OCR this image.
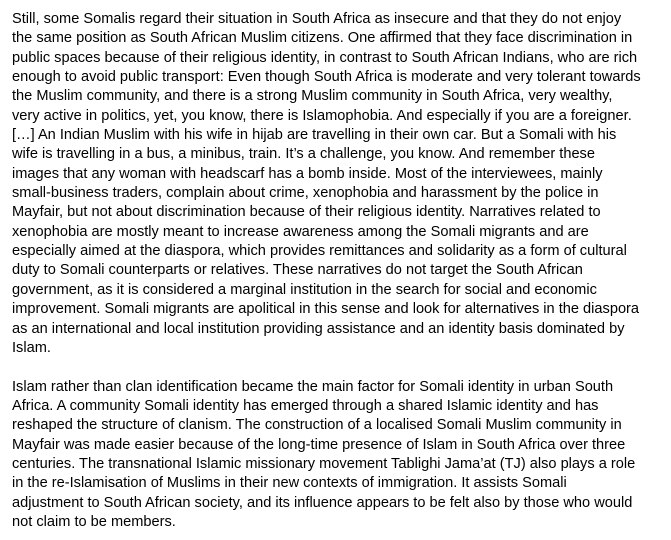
Still, some Somalis regard their situation in South Africa as insecure and that they do not enjoy the same position as South African Muslim citizens. One affirmed that they face discrimination in public spaces because of their religious identity, in contrast to South African Indians, who are rich enough to avoid public transport: Even though South Africa is moderate and very tolerant towards the Muslim community, and there is a strong Muslim community in South Africa, very wealthy, very active in politics, yet, you know, there is Islamophobia. And especially if you are a foreigner. […] An Indian Muslim with his wife in hijab are travelling in their own car. But a Somali with his wife is travelling in a bus, a minibus, train. It’s a challenge, you know. And remember these images that any woman with headscarf has a bomb inside. Most of the interviewees, mainly small-business traders, complain about crime, xenophobia and harassment by the police in Mayfair, but not about discrimination because of their religious identity. Narratives related to xenophobia are mostly meant to increase awareness among the Somali migrants and are especially aimed at the diaspora, which provides remittances and solidarity as a form of cultural duty to Somali counterparts or relatives. These narratives do not target the South African government, as it is considered a marginal institution in the search for social and economic improvement. Somali migrants are apolitical in this sense and look for alternatives in the diaspora as an international and local institution providing assistance and an identity basis dominated by Islam.

Islam rather than clan identification became the main factor for Somali identity in urban South Africa. A community Somali identity has emerged through a shared Islamic identity and has reshaped the structure of clanism. The construction of a localised Somali Muslim community in Mayfair was made easier because of the long-time presence of Islam in South Africa over three centuries. The transnational Islamic missionary movement Tablighi Jama’at (TJ) also plays a role in the re-Islamisation of Muslims in their new contexts of immigration. It assists Somali adjustment to South African society, and its influence appears to be felt also by those who would not claim to be members.
